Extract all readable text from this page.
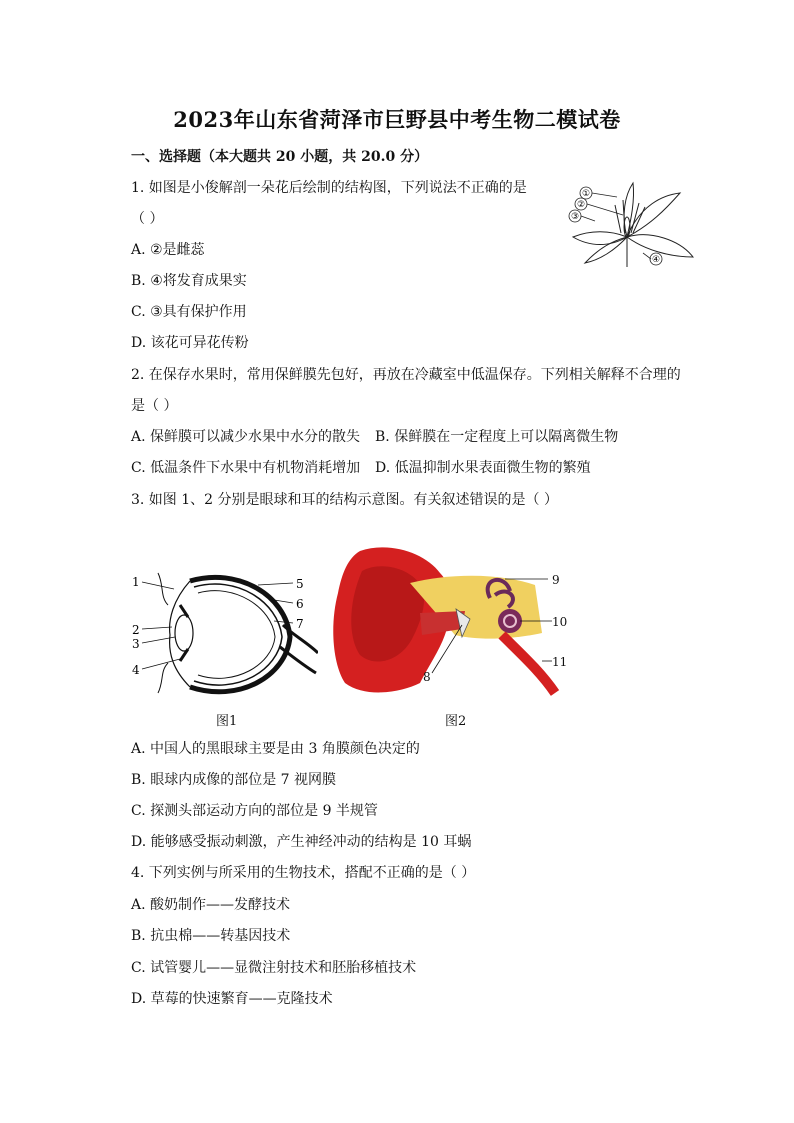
2023年山东省菏泽市巨野县中考生物二模试卷
一、选择题（本大题共 20 小题，共 20.0 分）
1. 如图是小俊解剖一朵花后绘制的结构图，下列说法不正确的是
（ ）
A. ②是雌蕊
B. ④将发育成果实
C. ③具有保护作用
D. 该花可异花传粉
①
②
③
④
2. 在保存水果时，常用保鲜膜先包好，再放在冷藏室中低温保存。下列相关解释不合理的
是（ ）
A. 保鲜膜可以减少水果中水分的散失 B. 保鲜膜在一定程度上可以隔离微生物
C. 低温条件下水果中有机物消耗增加 D. 低温抑制水果表面微生物的繁殖
3. 如图 1、2 分别是眼球和耳的结构示意图。有关叙述错误的是（ ）
1
2
3
4
5
6
7
9
10
11
8
图1	图2
A. 中国人的黑眼球主要是由 3 角膜颜色决定的
B. 眼球内成像的部位是 7 视网膜
C. 探测头部运动方向的部位是 9 半规管
D. 能够感受振动刺激，产生神经冲动的结构是 10 耳蜗
4. 下列实例与所采用的生物技术，搭配不正确的是（ ）
A. 酸奶制作——发酵技术
B. 抗虫棉——转基因技术
C. 试管婴儿——显微注射技术和胚胎移植技术
D. 草莓的快速繁育——克隆技术
